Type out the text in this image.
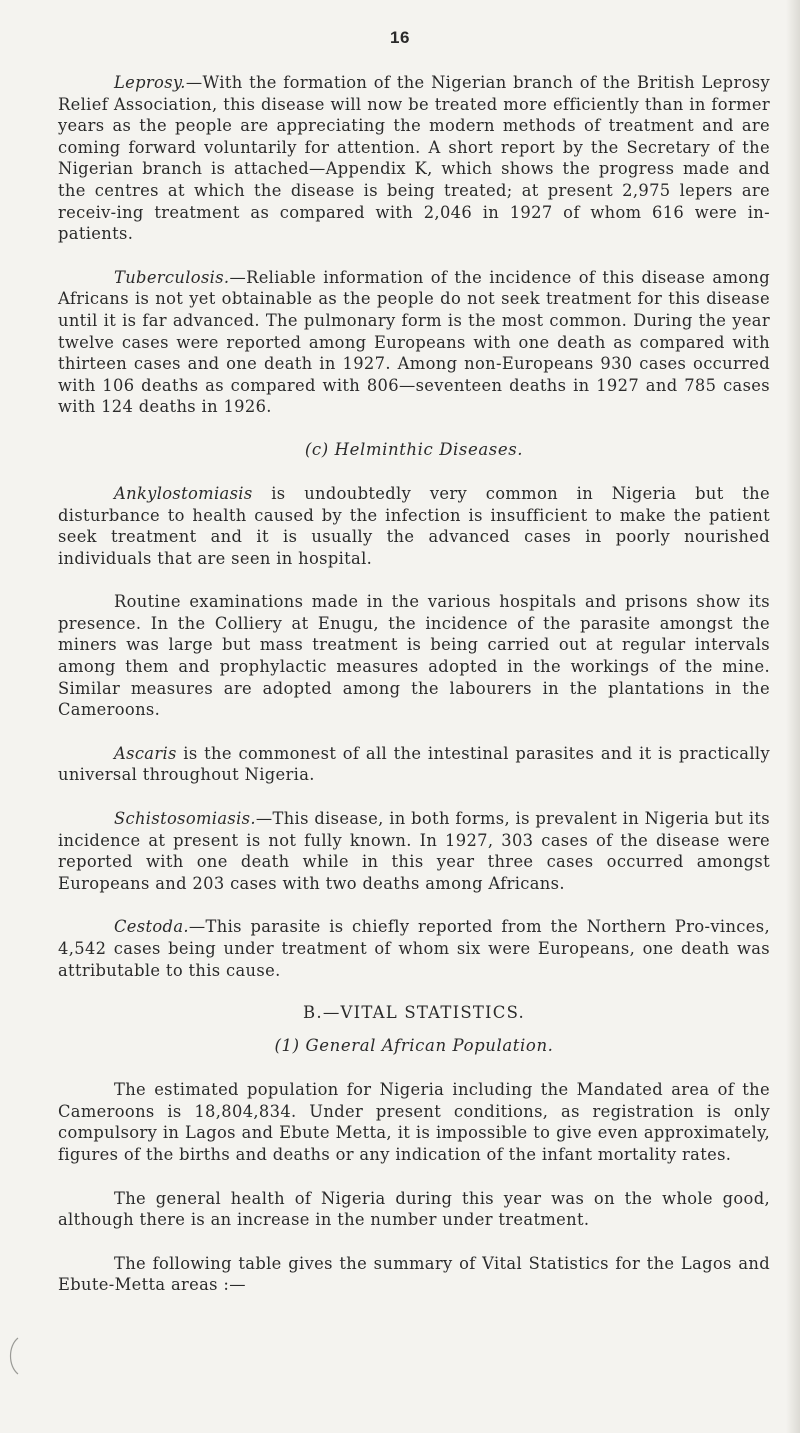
16

Leprosy.—With the formation of the Nigerian branch of the British Leprosy Relief Association, this disease will now be treated more efficiently than in former years as the people are appreciating the modern methods of treatment and are coming forward voluntarily for attention. A short report by the Secretary of the Nigerian branch is attached—Appendix K, which shows the progress made and the centres at which the disease is being treated; at present 2,975 lepers are receiv-ing treatment as compared with 2,046 in 1927 of whom 616 were in-patients.

Tuberculosis.—Reliable information of the incidence of this disease among Africans is not yet obtainable as the people do not seek treatment for this disease until it is far advanced. The pulmonary form is the most common. During the year twelve cases were reported among Europeans with one death as compared with thirteen cases and one death in 1927. Among non-Europeans 930 cases occurred with 106 deaths as compared with 806—seventeen deaths in 1927 and 785 cases with 124 deaths in 1926.

(c) Helminthic Diseases.

Ankylostomiasis is undoubtedly very common in Nigeria but the disturbance to health caused by the infection is insufficient to make the patient seek treatment and it is usually the advanced cases in poorly nourished individuals that are seen in hospital.

Routine examinations made in the various hospitals and prisons show its presence. In the Colliery at Enugu, the incidence of the parasite amongst the miners was large but mass treatment is being carried out at regular intervals among them and prophylactic measures adopted in the workings of the mine. Similar measures are adopted among the labourers in the plantations in the Cameroons.

Ascaris is the commonest of all the intestinal parasites and it is practically universal throughout Nigeria.

Schistosomiasis.—This disease, in both forms, is prevalent in Nigeria but its incidence at present is not fully known. In 1927, 303 cases of the disease were reported with one death while in this year three cases occurred amongst Europeans and 203 cases with two deaths among Africans.

Cestoda.—This parasite is chiefly reported from the Northern Pro-vinces, 4,542 cases being under treatment of whom six were Europeans, one death was attributable to this cause.

B.—VITAL STATISTICS.
(1) General African Population.

The estimated population for Nigeria including the Mandated area of the Cameroons is 18,804,834. Under present conditions, as registration is only compulsory in Lagos and Ebute Metta, it is impossible to give even approximately, figures of the births and deaths or any indication of the infant mortality rates.

The general health of Nigeria during this year was on the whole good, although there is an increase in the number under treatment.

The following table gives the summary of Vital Statistics for the Lagos and Ebute-Metta areas :—
